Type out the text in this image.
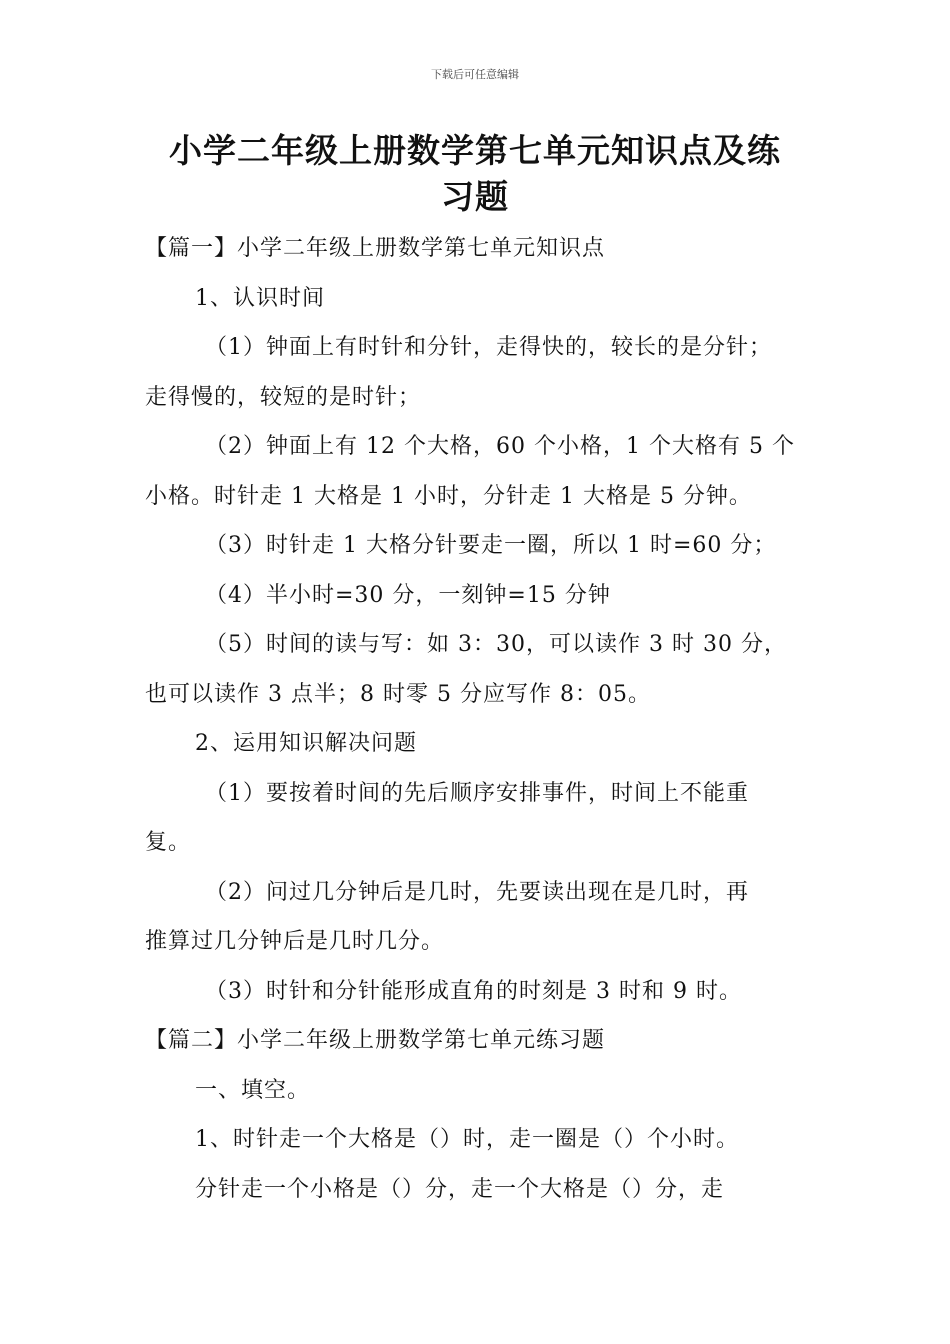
下载后可任意编辑
小学二年级上册数学第七单元知识点及练
习题

【篇一】小学二年级上册数学第七单元知识点

1、认识时间

（1）钟面上有时针和分针，走得快的，较长的是分针；

走得慢的，较短的是时针；

（2）钟面上有 12 个大格，60 个小格，1 个大格有 5 个

小格。时针走 1 大格是 1 小时，分针走 1 大格是 5 分钟。

（3）时针走 1 大格分针要走一圈，所以 1 时=60 分；

（4）半小时=30 分，一刻钟=15 分钟

（5）时间的读与写：如 3：30，可以读作 3 时 30 分，

也可以读作 3 点半；8 时零 5 分应写作 8：05。

2、运用知识解决问题

（1）要按着时间的先后顺序安排事件，时间上不能重

复。

（2）问过几分钟后是几时，先要读出现在是几时，再

推算过几分钟后是几时几分。

（3）时针和分针能形成直角的时刻是 3 时和 9 时。

【篇二】小学二年级上册数学第七单元练习题

一、填空。

1、时针走一个大格是（）时，走一圈是（）个小时。

分针走一个小格是（）分，走一个大格是（）分，走
